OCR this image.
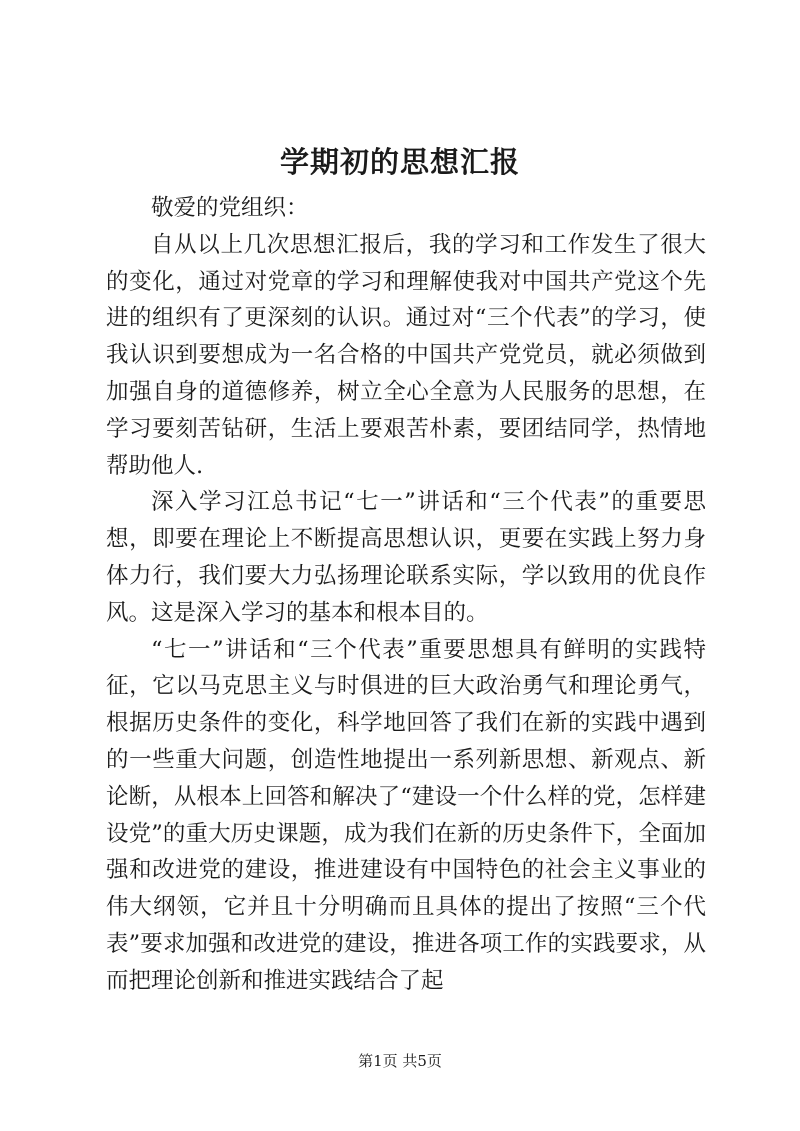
学期初的思想汇报

敬爱的党组织：

自从以上几次思想汇报后，我的学习和工作发生了很大的变化，通过对党章的学习和理解使我对中国共产党这个先进的组织有了更深刻的认识。通过对“三个代表”的学习，使我认识到要想成为一名合格的中国共产党党员，就必须做到加强自身的道德修养，树立全心全意为人民服务的思想，在学习要刻苦钻研，生活上要艰苦朴素，要团结同学，热情地帮助他人.

深入学习江总书记“七一”讲话和“三个代表”的重要思想，即要在理论上不断提高思想认识，更要在实践上努力身体力行，我们要大力弘扬理论联系实际，学以致用的优良作风。这是深入学习的基本和根本目的。

“七一”讲话和“三个代表”重要思想具有鲜明的实践特征，它以马克思主义与时俱进的巨大政治勇气和理论勇气，根据历史条件的变化，科学地回答了我们在新的实践中遇到的一些重大问题，创造性地提出一系列新思想、新观点、新论断，从根本上回答和解决了“建设一个什么样的党，怎样建设党”的重大历史课题，成为我们在新的历史条件下，全面加强和改进党的建设，推进建设有中国特色的社会主义事业的伟大纲领，它并且十分明确而且具体的提出了按照“三个代表”要求加强和改进党的建设，推进各项工作的实践要求，从而把理论创新和推进实践结合了起

第1页 共5页
